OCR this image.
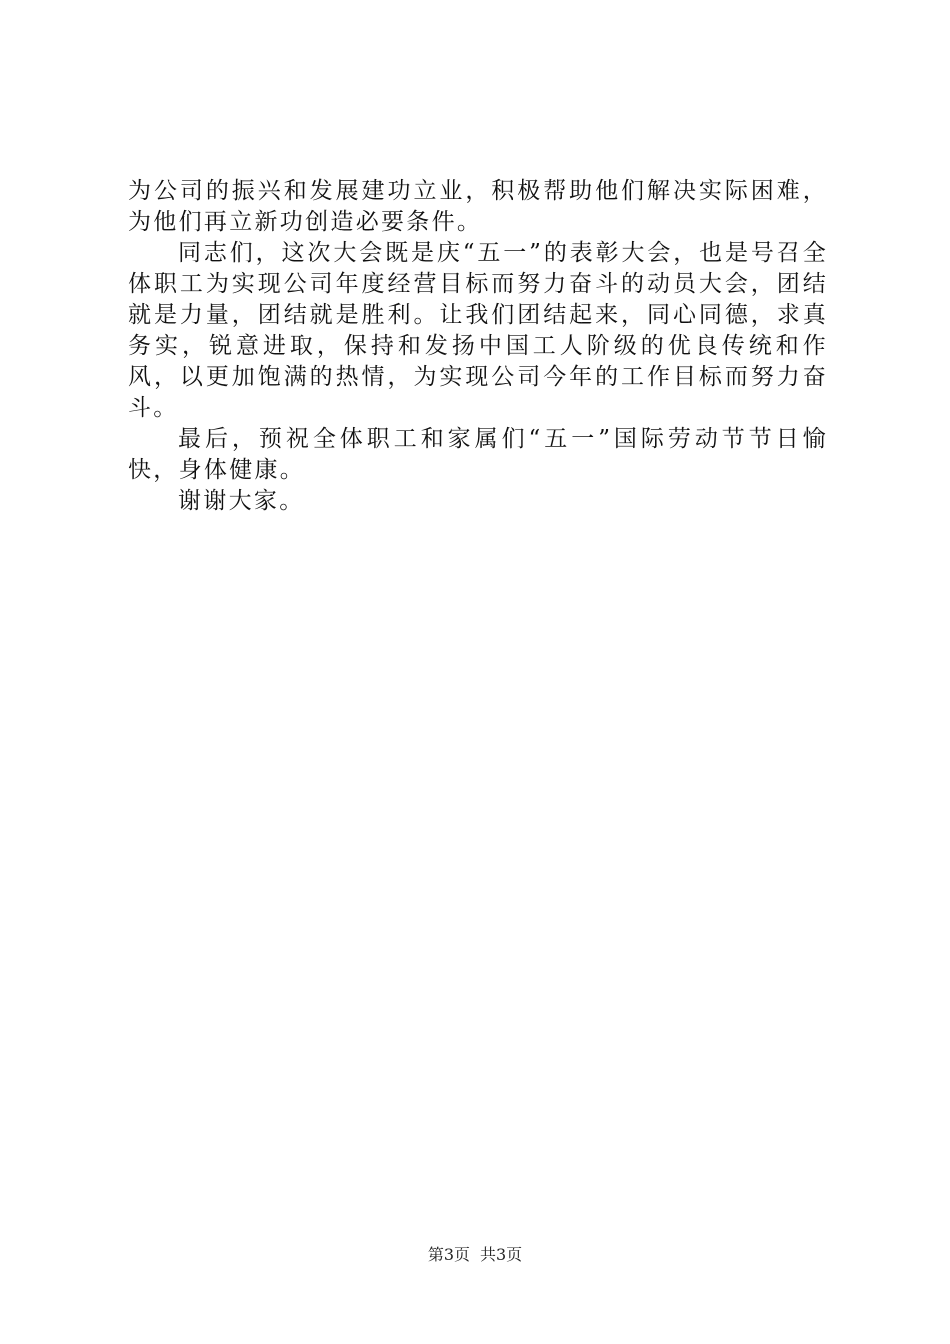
为公司的振兴和发展建功立业，积极帮助他们解决实际困难，为他们再立新功创造必要条件。

同志们，这次大会既是庆“五一”的表彰大会，也是号召全体职工为实现公司年度经营目标而努力奋斗的动员大会，团结就是力量，团结就是胜利。让我们团结起来，同心同德，求真务实，锐意进取，保持和发扬中国工人阶级的优良传统和作风，以更加饱满的热情，为实现公司今年的工作目标而努力奋斗。

最后，预祝全体职工和家属们“五一”国际劳动节节日愉快，身体健康。

谢谢大家。

第3页 共3页
